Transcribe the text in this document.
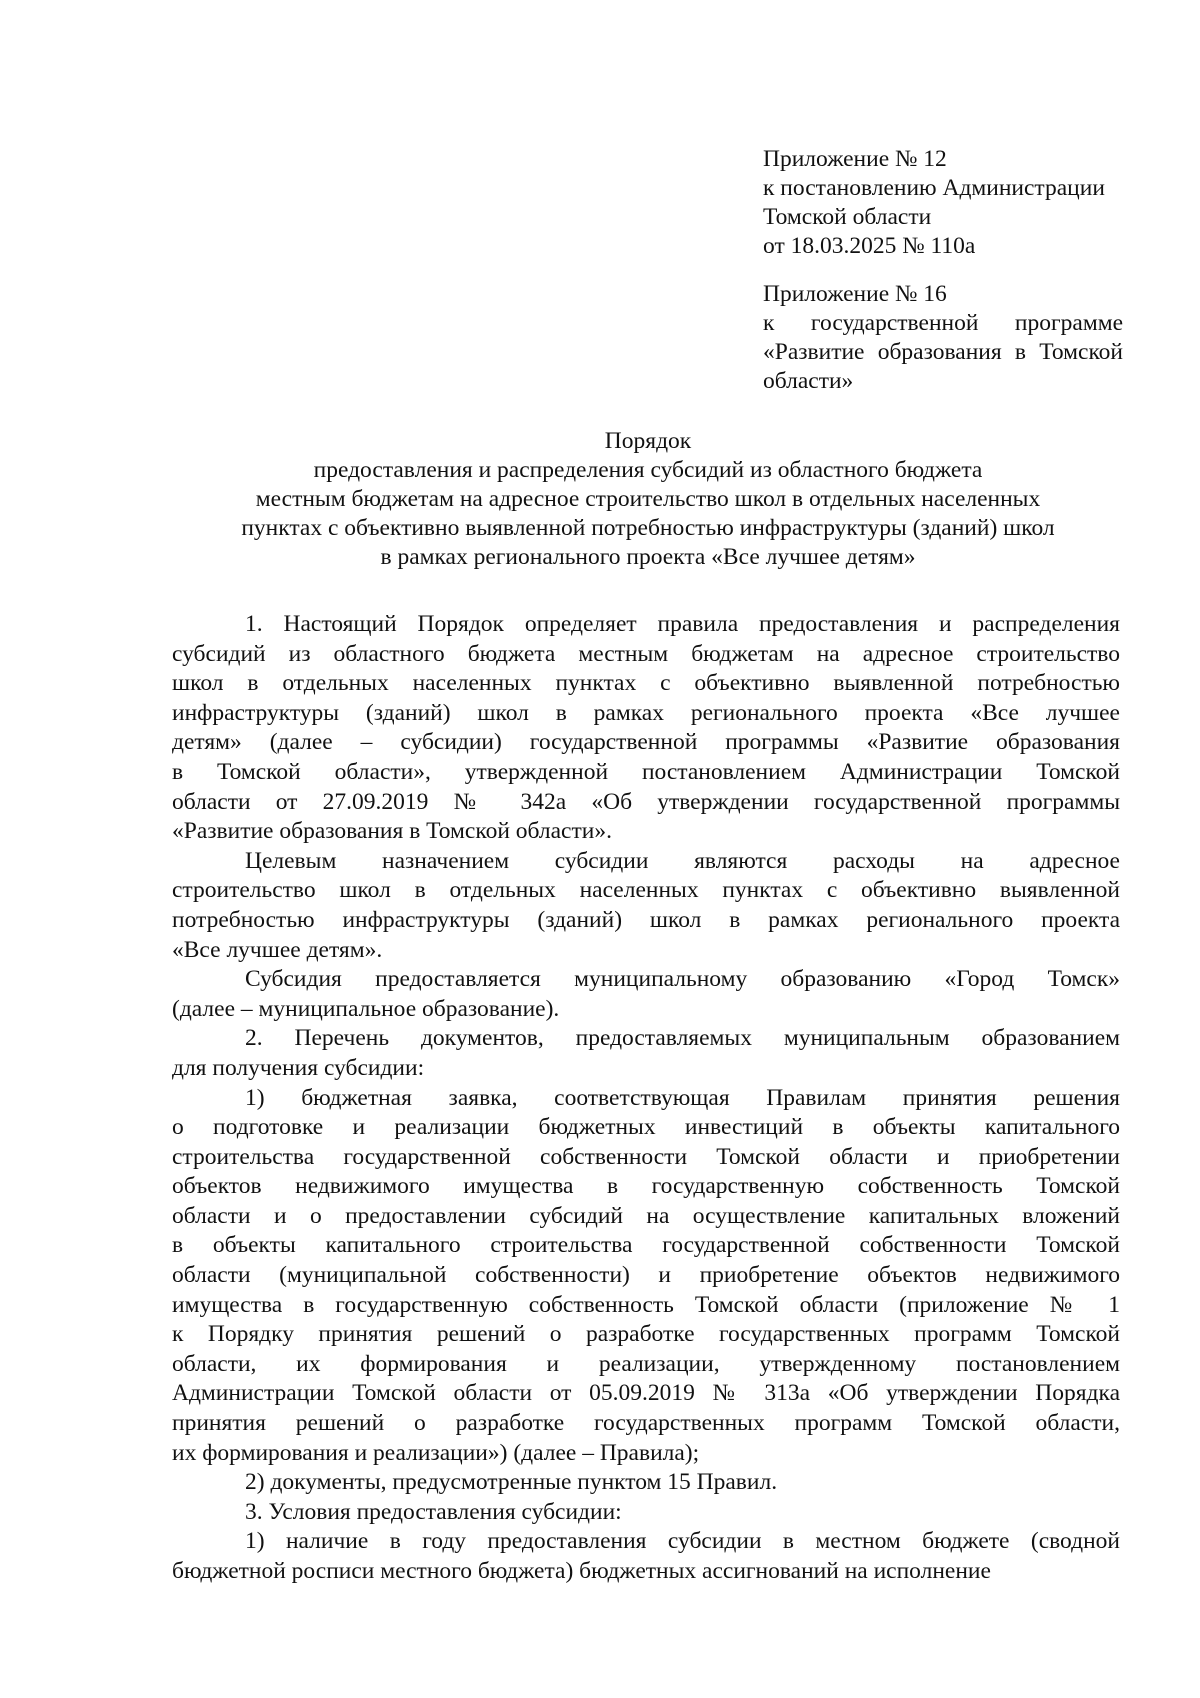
Приложение № 12
к постановлению Администрации
Томской области
от 18.03.2025 № 110а
Приложение № 16
к государственной программе
«Развитие образования в Томской
области»
Порядок
предоставления и распределения субсидий из областного бюджета
местным бюджетам на адресное строительство школ в отдельных населенных
пунктах с объективно выявленной потребностью инфраструктуры (зданий) школ
в рамках регионального проекта «Все лучшее детям»
1. Настоящий Порядок определяет правила предоставления и распределения
субсидий из областного бюджета местным бюджетам на адресное строительство
школ в отдельных населенных пунктах с объективно выявленной потребностью
инфраструктуры (зданий) школ в рамках регионального проекта «Все лучшее
детям» (далее – субсидии) государственной программы «Развитие образования
в Томской области», утвержденной постановлением Администрации Томской
области от 27.09.2019 № 342а «Об утверждении государственной программы
«Развитие образования в Томской области».
Целевым назначением субсидии являются расходы на адресное
строительство школ в отдельных населенных пунктах с объективно выявленной
потребностью инфраструктуры (зданий) школ в рамках регионального проекта
«Все лучшее детям».
Субсидия предоставляется муниципальному образованию «Город Томск»
(далее – муниципальное образование).
2. Перечень документов, предоставляемых муниципальным образованием
для получения субсидии:
1) бюджетная заявка, соответствующая Правилам принятия решения
о подготовке и реализации бюджетных инвестиций в объекты капитального
строительства государственной собственности Томской области и приобретении
объектов недвижимого имущества в государственную собственность Томской
области и о предоставлении субсидий на осуществление капитальных вложений
в объекты капитального строительства государственной собственности Томской
области (муниципальной собственности) и приобретение объектов недвижимого
имущества в государственную собственность Томской области (приложение № 1
к Порядку принятия решений о разработке государственных программ Томской
области, их формирования и реализации, утвержденному постановлением
Администрации Томской области от 05.09.2019 № 313а «Об утверждении Порядка
принятия решений о разработке государственных программ Томской области,
их формирования и реализации») (далее – Правила);
2) документы, предусмотренные пунктом 15 Правил.
3. Условия предоставления субсидии:
1) наличие в году предоставления субсидии в местном бюджете (сводной
бюджетной росписи местного бюджета) бюджетных ассигнований на исполнение
